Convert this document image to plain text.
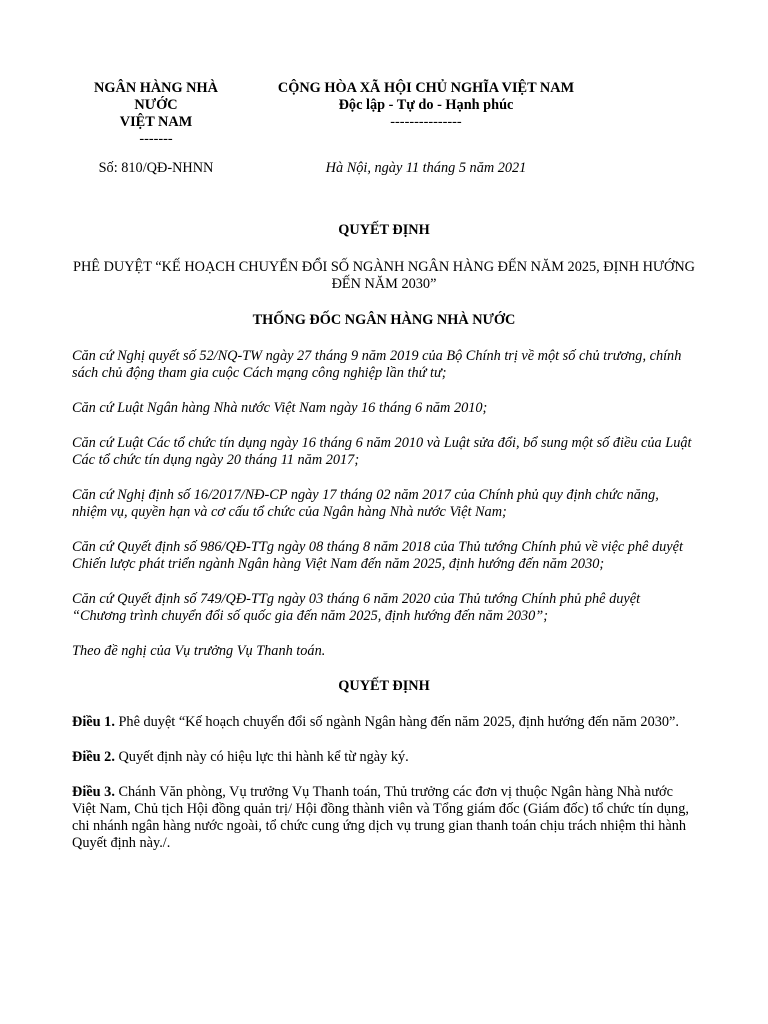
NGÂN HÀNG NHÀ
NƯỚC
VIỆT NAM
-------
CỘNG HÒA XÃ HỘI CHỦ NGHĨA VIỆT NAM
Độc lập - Tự do - Hạnh phúc
---------------
Số: 810/QĐ-NHNN	Hà Nội, ngày 11 tháng 5 năm 2021

QUYẾT ĐỊNH

PHÊ DUYỆT “KẾ HOẠCH CHUYỂN ĐỔI SỐ NGÀNH NGÂN HÀNG ĐẾN NĂM 2025, ĐỊNH HƯỚNG ĐẾN NĂM 2030”

THỐNG ĐỐC NGÂN HÀNG NHÀ NƯỚC

Căn cứ Nghị quyết số 52/NQ-TW ngày 27 tháng 9 năm 2019 của Bộ Chính trị về một số chủ trương, chính sách chủ động tham gia cuộc Cách mạng công nghiệp lần thứ tư;

Căn cứ Luật Ngân hàng Nhà nước Việt Nam ngày 16 tháng 6 năm 2010;

Căn cứ Luật Các tổ chức tín dụng ngày 16 tháng 6 năm 2010 và Luật sửa đổi, bổ sung một số điều của Luật Các tổ chức tín dụng ngày 20 tháng 11 năm 2017;

Căn cứ Nghị định số 16/2017/NĐ-CP ngày 17 tháng 02 năm 2017 của Chính phủ quy định chức năng, nhiệm vụ, quyền hạn và cơ cấu tổ chức của Ngân hàng Nhà nước Việt Nam;

Căn cứ Quyết định số 986/QĐ-TTg ngày 08 tháng 8 năm 2018 của Thủ tướng Chính phủ về việc phê duyệt Chiến lược phát triển ngành Ngân hàng Việt Nam đến năm 2025, định hướng đến năm 2030;

Căn cứ Quyết định số 749/QĐ-TTg ngày 03 tháng 6 năm 2020 của Thủ tướng Chính phủ phê duyệt “Chương trình chuyển đổi số quốc gia đến năm 2025, định hướng đến năm 2030”;

Theo đề nghị của Vụ trưởng Vụ Thanh toán.

QUYẾT ĐỊNH

Điều 1. Phê duyệt “Kế hoạch chuyển đổi số ngành Ngân hàng đến năm 2025, định hướng đến năm 2030”.

Điều 2. Quyết định này có hiệu lực thi hành kể từ ngày ký.

Điều 3. Chánh Văn phòng, Vụ trưởng Vụ Thanh toán, Thủ trưởng các đơn vị thuộc Ngân hàng Nhà nước Việt Nam, Chủ tịch Hội đồng quản trị/ Hội đồng thành viên và Tổng giám đốc (Giám đốc) tổ chức tín dụng, chi nhánh ngân hàng nước ngoài, tổ chức cung ứng dịch vụ trung gian thanh toán chịu trách nhiệm thi hành Quyết định này./.
